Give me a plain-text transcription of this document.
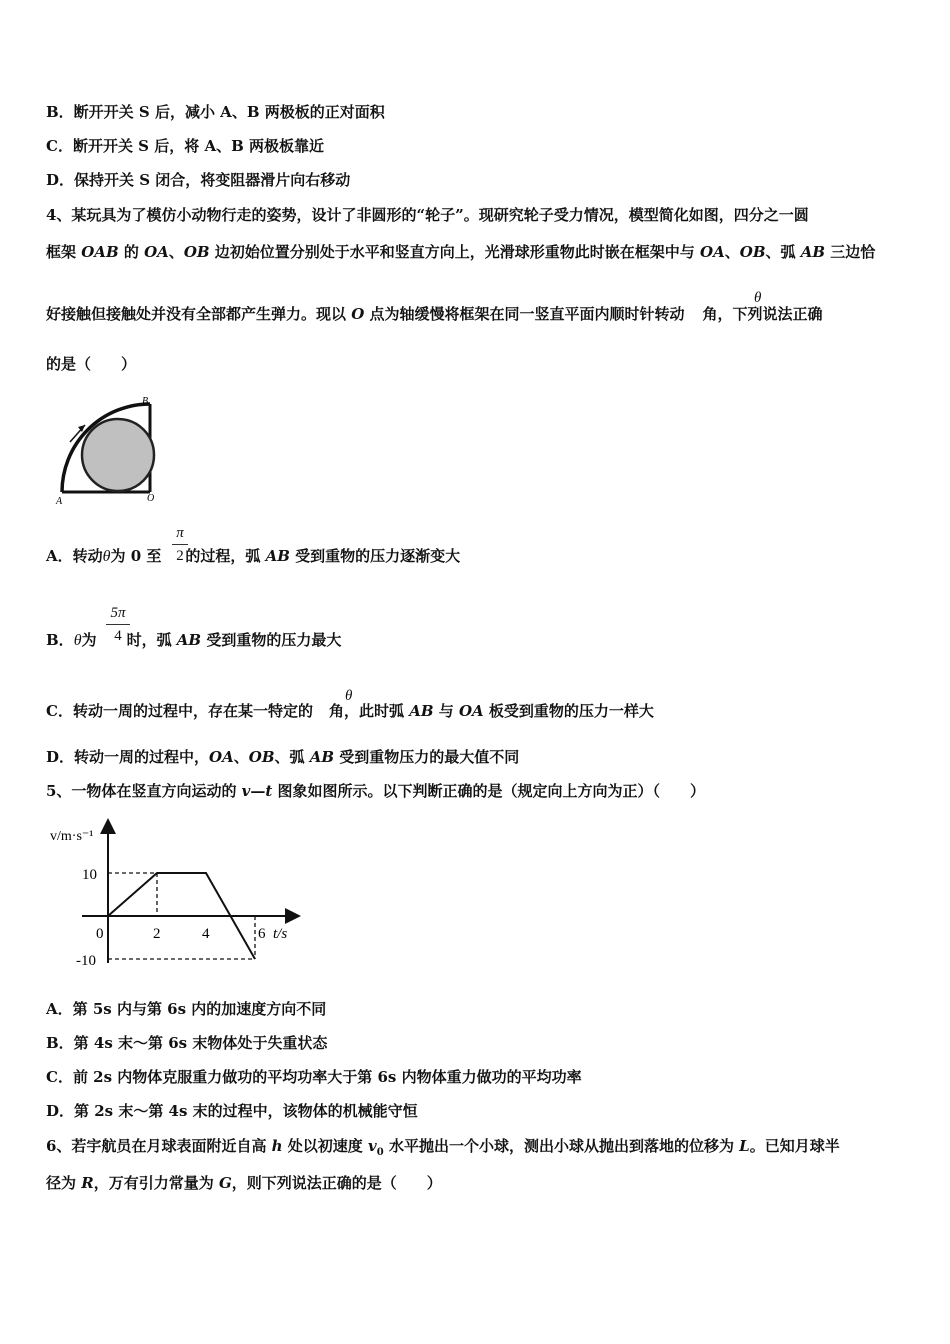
B．断开开关 S 后，减小 A、B 两极板的正对面积
C．断开开关 S 后，将 A、B 两极板靠近
D．保持开关 S 闭合，将变阻器滑片向右移动
4、某玩具为了模仿小动物行走的姿势，设计了非圆形的“轮子”。现研究轮子受力情况，模型简化如图，四分之一圆
框架 OAB 的 OA、OB 边初始位置分别处于水平和竖直方向上，光滑球形重物此时嵌在框架中与 OA、OB、弧 AB 三边恰
好接触但接触处并没有全部都产生弹力。现以 O 点为轴缓慢将框架在同一竖直平面内顺时针转动 角，下列说法正确
θ
的是（　　）
B
A	O
A．转动θ为 0 至 的过程，弧 AB 受到重物的压力逐渐变大
π
2
B．θ为 时，弧 AB 受到重物的压力最大
5π
4
C．转动一周的过程中，存在某一特定的 角，此时弧 AB 与 OA 板受到重物的压力一样大
θ
D．转动一周的过程中，OA、OB、弧 AB 受到重物压力的最大值不同
5、一物体在竖直方向运动的 v—t 图象如图所示。以下判断正确的是（规定向上方向为正）（　　）
0	2	4	6
10
-10
t/s
v/m·s⁻¹
A．第 5s 内与第 6s 内的加速度方向不同
B．第 4s 末～第 6s 末物体处于失重状态
C．前 2s 内物体克服重力做功的平均功率大于第 6s 内物体重力做功的平均功率
D．第 2s 末～第 4s 末的过程中，该物体的机械能守恒
6、若宇航员在月球表面附近自高 h 处以初速度 $v_0$ 水平抛出一个小球，测出小球从抛出到落地的位移为 L。已知月球半
径为 R，万有引力常量为 G，则下列说法正确的是（　　）
